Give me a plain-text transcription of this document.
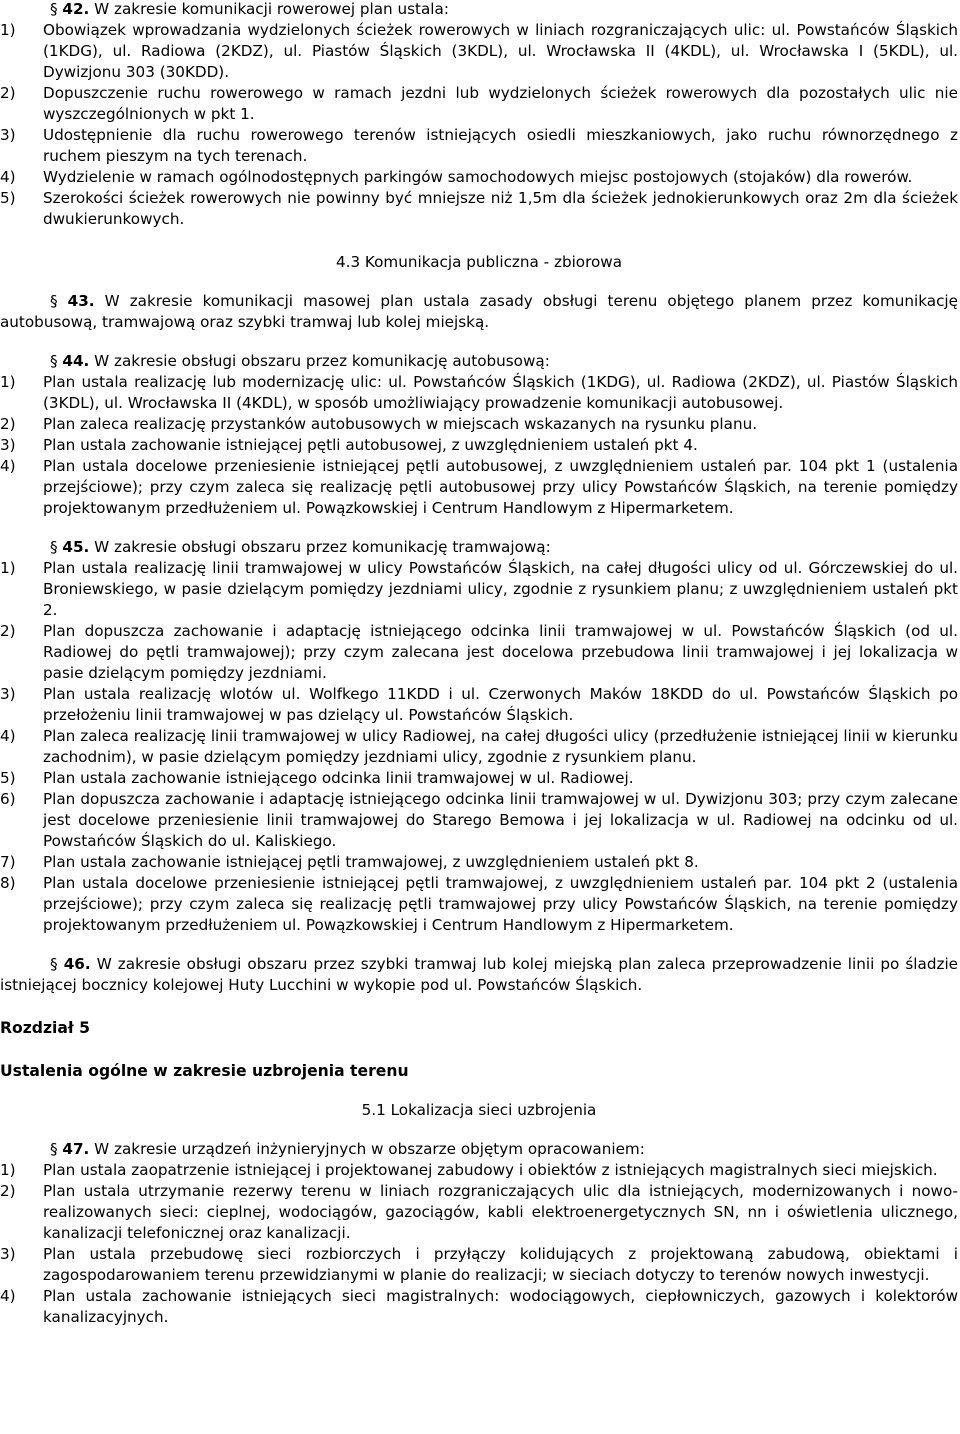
§ 42. W zakresie komunikacji rowerowej plan ustala:

1)	Obowiązek wprowadzania wydzielonych ścieżek rowerowych w liniach rozgraniczających ulic: ul. Powstańców Śląskich (1KDG), ul. Radiowa (2KDZ), ul. Piastów Śląskich (3KDL), ul. Wrocławska II (4KDL), ul. Wrocławska I (5KDL), ul. Dywizjonu 303 (30KDD).
2)	Dopuszczenie ruchu rowerowego w ramach jezdni lub wydzielonych ścieżek rowerowych dla pozostałych ulic nie wyszczególnionych w pkt 1.
3)	Udostępnienie dla ruchu rowerowego terenów istniejących osiedli mieszkaniowych, jako ruchu równorzędnego z ruchem pieszym na tych terenach.
4)	Wydzielenie w ramach ogólnodostępnych parkingów samochodowych miejsc postojowych (stojaków) dla rowerów.
5)	Szerokości ścieżek rowerowych nie powinny być mniejsze niż 1,5m dla ścieżek jednokierunkowych oraz 2m dla ścieżek dwukierunkowych.

4.3 Komunikacja publiczna - zbiorowa

§ 43. W zakresie komunikacji masowej plan ustala zasady obsługi terenu objętego planem przez komunikację autobusową, tramwajową oraz szybki tramwaj lub kolej miejską.

§ 44. W zakresie obsługi obszaru przez komunikację autobusową:

1)	Plan ustala realizację lub modernizację ulic: ul. Powstańców Śląskich (1KDG), ul. Radiowa (2KDZ), ul. Piastów Śląskich (3KDL), ul. Wrocławska II (4KDL), w sposób umożliwiający prowadzenie komunikacji autobusowej.
2)	Plan zaleca realizację przystanków autobusowych w miejscach wskazanych na rysunku planu.
3)	Plan ustala zachowanie istniejącej pętli autobusowej, z uwzględnieniem ustaleń pkt 4.
4)	Plan ustala docelowe przeniesienie istniejącej pętli autobusowej, z uwzględnieniem ustaleń par. 104 pkt 1 (ustalenia przejściowe); przy czym zaleca się realizację pętli autobusowej przy ulicy Powstańców Śląskich, na terenie pomiędzy projektowanym przedłużeniem ul. Powązkowskiej i Centrum Handlowym z Hipermarketem.

§ 45. W zakresie obsługi obszaru przez komunikację tramwajową:

1)	Plan ustala realizację linii tramwajowej w ulicy Powstańców Śląskich, na całej długości ulicy od ul. Górczewskiej do ul. Broniewskiego, w pasie dzielącym pomiędzy jezdniami ulicy, zgodnie z rysunkiem planu; z uwzględnieniem ustaleń pkt 2.
2)	Plan dopuszcza zachowanie i adaptację istniejącego odcinka linii tramwajowej w ul. Powstańców Śląskich (od ul. Radiowej do pętli tramwajowej); przy czym zalecana jest docelowa przebudowa linii tramwajowej i jej lokalizacja w pasie dzielącym pomiędzy jezdniami.
3)	Plan ustala realizację wlotów ul. Wolfkego 11KDD i ul. Czerwonych Maków 18KDD do ul. Powstańców Śląskich po przełożeniu linii tramwajowej w pas dzielący ul. Powstańców Śląskich.
4)	Plan zaleca realizację linii tramwajowej w ulicy Radiowej, na całej długości ulicy (przedłużenie istniejącej linii w kierunku zachodnim), w pasie dzielącym pomiędzy jezdniami ulicy, zgodnie z rysunkiem planu.
5)	Plan ustala zachowanie istniejącego odcinka linii tramwajowej w ul. Radiowej.
6)	Plan dopuszcza zachowanie i adaptację istniejącego odcinka linii tramwajowej w ul. Dywizjonu 303; przy czym zalecane jest docelowe przeniesienie linii tramwajowej do Starego Bemowa i jej lokalizacja w ul. Radiowej na odcinku od ul. Powstańców Śląskich do ul. Kaliskiego.
7)	Plan ustala zachowanie istniejącej pętli tramwajowej, z uwzględnieniem ustaleń pkt 8.
8)	Plan ustala docelowe przeniesienie istniejącej pętli tramwajowej, z uwzględnieniem ustaleń par. 104 pkt 2 (ustalenia przejściowe); przy czym zaleca się realizację pętli tramwajowej przy ulicy Powstańców Śląskich, na terenie pomiędzy projektowanym przedłużeniem ul. Powązkowskiej i Centrum Handlowym z Hipermarketem.

§ 46. W zakresie obsługi obszaru przez szybki tramwaj lub kolej miejską plan zaleca przeprowadzenie linii po śladzie istniejącej bocznicy kolejowej Huty Lucchini w wykopie pod ul. Powstańców Śląskich.

Rozdział 5

Ustalenia ogólne w zakresie uzbrojenia terenu

5.1 Lokalizacja sieci uzbrojenia

§ 47. W zakresie urządzeń inżynieryjnych w obszarze objętym opracowaniem:

1)	Plan ustala zaopatrzenie istniejącej i projektowanej zabudowy i obiektów z istniejących magistralnych sieci miejskich.
2)	Plan ustala utrzymanie rezerwy terenu w liniach rozgraniczających ulic dla istniejących, modernizowanych i nowo-realizowanych sieci: cieplnej, wodociągów, gazociągów, kabli elektroenergetycznych SN, nn i oświetlenia ulicznego, kanalizacji telefonicznej oraz kanalizacji.
3)	Plan ustala przebudowę sieci rozbiorczych i przyłączy kolidujących z projektowaną zabudową, obiektami i zagospodarowaniem terenu przewidzianymi w planie do realizacji; w sieciach dotyczy to terenów nowych inwestycji.
4)	Plan ustala zachowanie istniejących sieci magistralnych: wodociągowych, ciepłowniczych, gazowych i kolektorów kanalizacyjnych.
